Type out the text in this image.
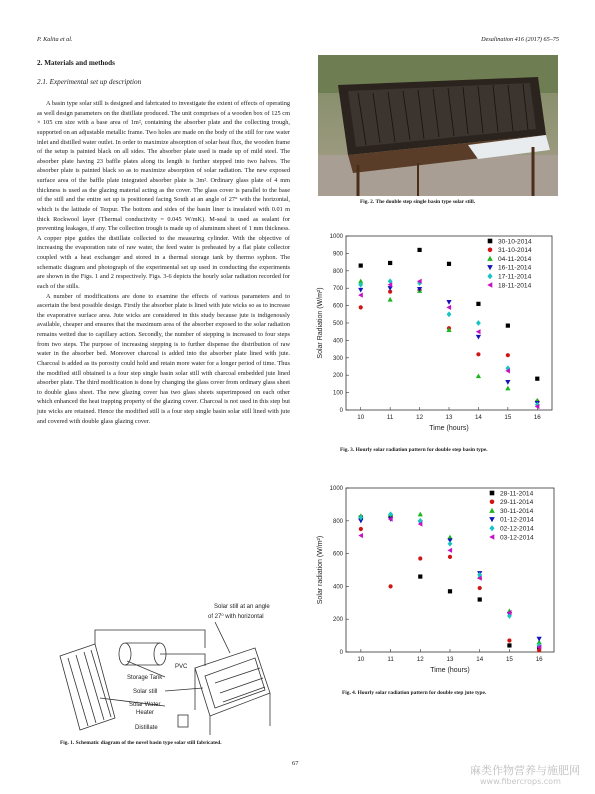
P. Kalita et al.	Desalination 416 (2017) 65–75
2. Materials and methods
2.1. Experimental set up description

A basin type solar still is designed and fabricated to investigate the extent of effects of operating as well design parameters on the distillate produced. The unit comprises of a wooden box of 125 cm × 105 cm size with a base area of 1m², containing the absorber plate and the collecting trough, supported on an adjustable metallic frame. Two holes are made on the body of the still for raw water inlet and distilled water outlet. In order to maximize absorption of solar heat flux, the wooden frame of the setup is painted black on all sides. The absorber plate used is made up of mild steel. The absorber plate having 23 baffle plates along its length is further stepped into two halves. The absorber plate is painted black so as to maximize absorption of solar radiation. The new exposed surface area of the baffle plate integrated absorber plate is 3m². Ordinary glass plate of 4 mm thickness is used as the glazing material acting as the cover. The glass cover is parallel to the base of the still and the entire set up is positioned facing South at an angle of 27° with the horizontal, which is the latitude of Tezpur. The bottom and sides of the basin liner is insulated with 0.01 m thick Rockwool layer (Thermal conductivity = 0.045 W/mK). M-seal is used as sealant for preventing leakages, if any. The collection trough is made up of aluminum sheet of 1 mm thickness. A copper pipe guides the distillate collected to the measuring cylinder. With the objective of increasing the evaporation rate of raw water, the feed water is preheated by a flat plate collector coupled with a heat exchanger and stored in a thermal storage tank by thermo syphon. The schematic diagram and photograph of the experimental set up used in conducting the experiments are shown in the Figs. 1 and 2 respectively. Figs. 3-6 depicts the hourly solar radiation recorded for each of the stills.

A number of modifications are done to examine the effects of various parameters and to ascertain the best possible design. Firstly the absorber plate is lined with jute wicks so as to increase the evaporative surface area. Jute wicks are considered in this study because jute is indigenously available, cheaper and ensures that the maximum area of the absorber exposed to the solar radiation remains wetted due to capillary action. Secondly, the number of stepping is increased to four steps from two steps. The purpose of increasing stepping is to further dispense the distribution of raw water in the absorber bed. Moreover charcoal is added into the absorber plate lined with jute. Charcoal is added as its porosity could hold and retain more water for a longer period of time. Thus the modified still obtained is a four step single basin solar still with charcoal embedded jute lined absorber plate. The third modification is done by changing the glass cover from ordinary glass sheet to double glass sheet. The new glazing cover has two glass sheets superimposed on each other which enhanced the heat trapping property of the glazing cover. Charcoal is not used in this step but jute wicks are retained. Hence the modified still is a four step single basin solar still lined with jute and covered with double glass glazing cover.

Solar still at an angle
of $27^0$ with horizontal
PVC
Storage Tank
Solar still
Solar Water
Heater
Distillate
Fig. 1. Schematic diagram of the novel basin type solar still fabricated.
Fig. 2. The double step single basin type solar still.
0
100
200
300
400
500
600
700
800
900
1000
10	11	12	13	14	15	16
Time (hours)
Solar Radiation (W/m²)
30-10-2014
31-10-2014
04-11-2014
16-11-2014
17-11-2014
18-11-2014
Fig. 3. Hourly solar radiation pattern for double step basin type.
0
200
400
600
800
1000
10	11	12	13	14	15	16
Time (hours)
Solar radiation (W/m²)
28-11-2014
29-11-2014
30-11-2014
01-12-2014
02-12-2014
03-12-2014
Fig. 4. Hourly solar radiation pattern for double step jute type.
67
麻类作物营养与施肥网
www.fibercrops.com
